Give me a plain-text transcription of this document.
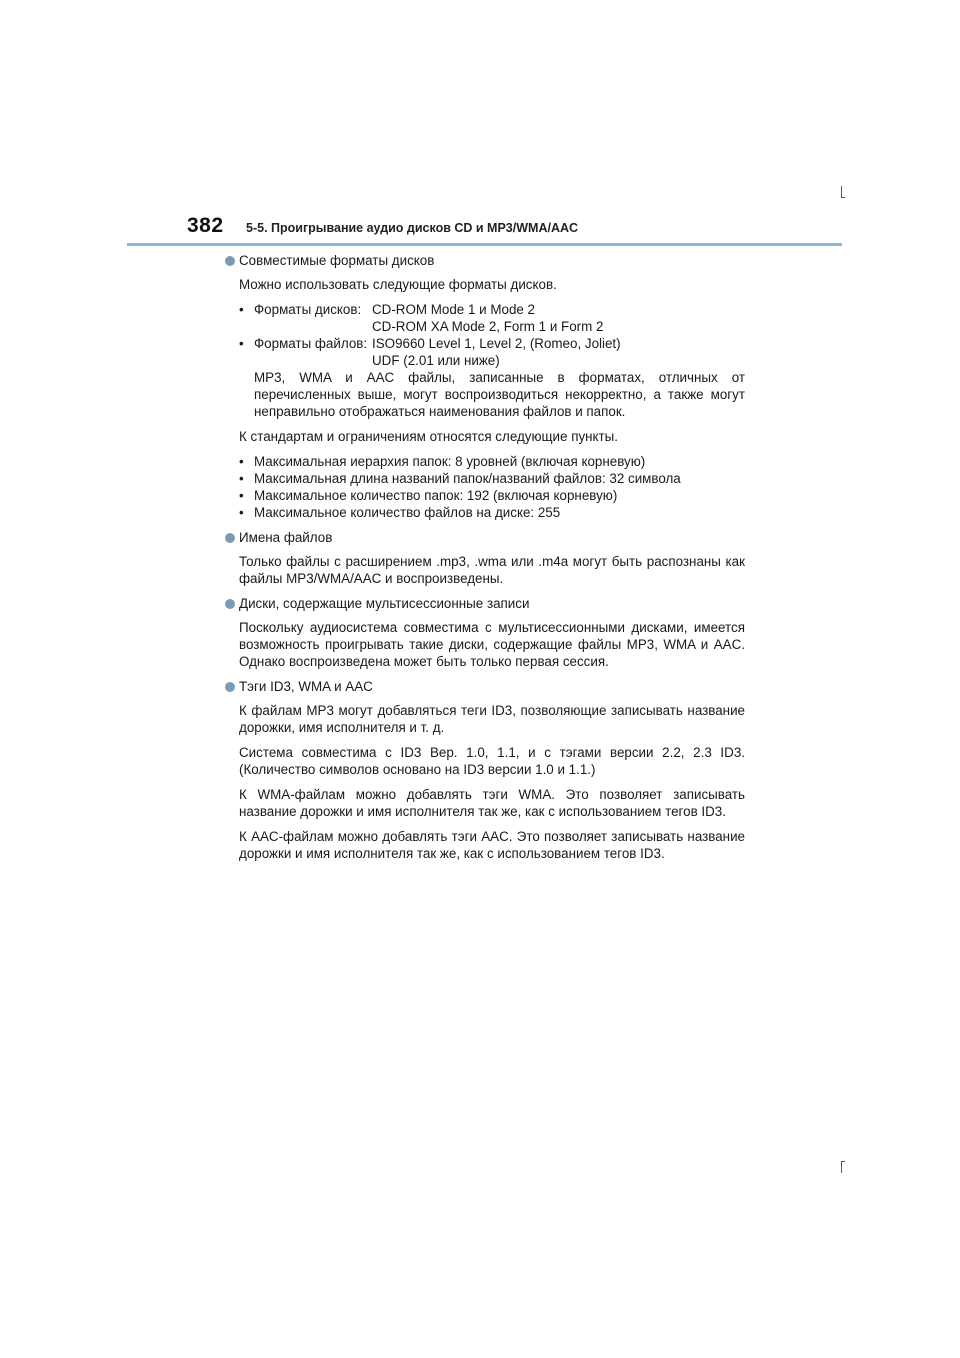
382 5-5. Проигрывание аудио дисков CD и MP3/WMA/AAC
Совместимые форматы дисков

Можно использовать следующие форматы дисков.

• Форматы дисков: CD-ROM Mode 1 и Mode 2
CD-ROM XA Mode 2, Form 1 и Form 2
• Форматы файлов: ISO9660 Level 1, Level 2, (Romeo, Joliet)
UDF (2.01 или ниже)

MP3, WMA и AAC файлы, записанные в форматах, отличных от перечисленных выше, могут воспроизводиться некорректно, а также могут неправильно отображаться наименования файлов и папок.

К стандартам и ограничениям относятся следующие пункты.

• Максимальная иерархия папок: 8 уровней (включая корневую)
• Максимальная длина названий папок/названий файлов: 32 символа
• Максимальное количество папок: 192 (включая корневую)
• Максимальное количество файлов на диске: 255
Имена файлов

Только файлы с расширением .mp3, .wma или .m4a могут быть распознаны как файлы MP3/WMA/AAC и воспроизведены.

Диски, содержащие мультисессионные записи

Поскольку аудиосистема совместима с мультисессионными дисками, имеется возможность проигрывать такие диски, содержащие файлы MP3, WMA и AAC. Однако воспроизведена может быть только первая сессия.

Тэги ID3, WMA и AAC

К файлам MP3 могут добавляться теги ID3, позволяющие записывать название дорожки, имя исполнителя и т. д.

Система совместима с ID3 Вер. 1.0, 1.1, и с тэгами версии 2.2, 2.3 ID3. (Количество символов основано на ID3 версии 1.0 и 1.1.)

К WMA-файлам можно добавлять тэги WMA. Это позволяет записывать название дорожки и имя исполнителя так же, как с использованием тегов ID3.

К AAC-файлам можно добавлять тэги AAC. Это позволяет записывать название дорожки и имя исполнителя так же, как с использованием тегов ID3.
